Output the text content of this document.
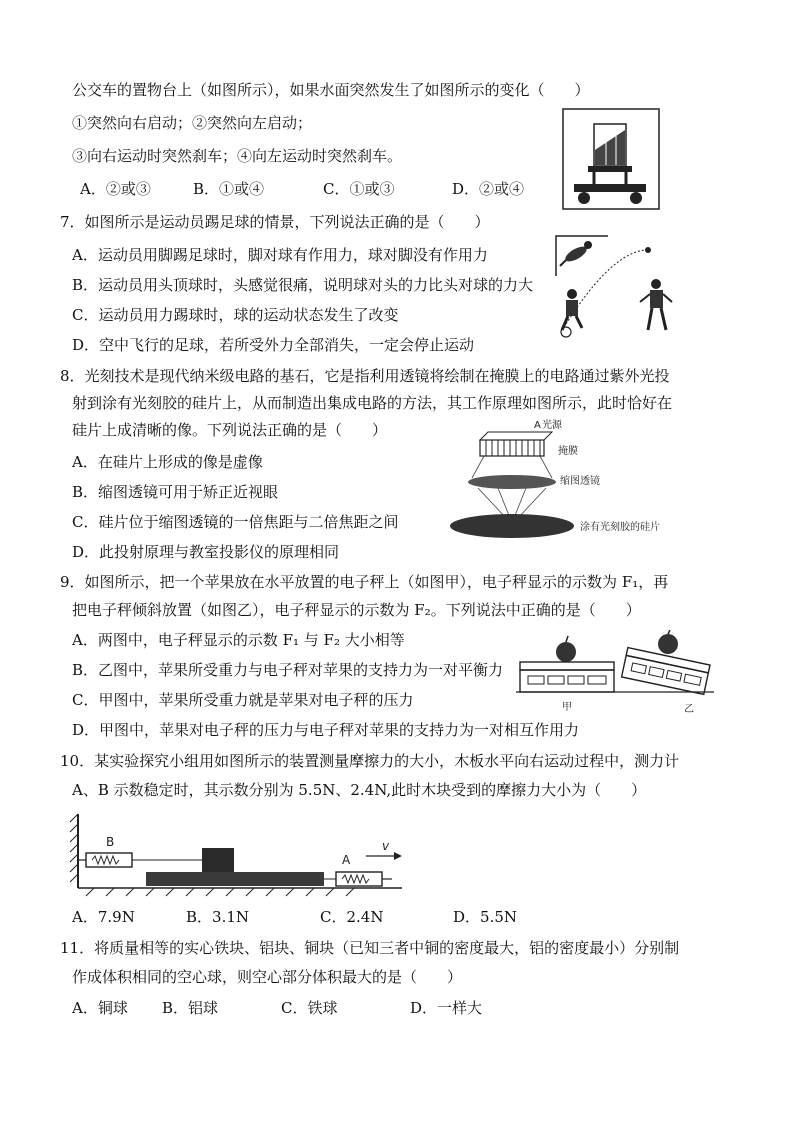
公交车的置物台上（如图所示），如果水面突然发生了如图所示的变化（　　）
①突然向右启动；②突然向左启动；
③向右运动时突然刹车；④向左运动时突然刹车。
A．②或③	B．①或④	C．①或③	D．②或④
7．如图所示是运动员踢足球的情景，下列说法正确的是（　　）
A．运动员用脚踢足球时，脚对球有作用力，球对脚没有作用力
B．运动员用头顶球时，头感觉很痛，说明球对头的力比头对球的力大
C．运动员用力踢球时，球的运动状态发生了改变
D．空中飞行的足球，若所受外力全部消失，一定会停止运动
8．光刻技术是现代纳米级电路的基石，它是指利用透镜将绘制在掩膜上的电路通过紫外光投
射到涂有光刻胶的硅片上，从而制造出集成电路的方法，其工作原理如图所示，此时恰好在
硅片上成清晰的像。下列说法正确的是（　　）
A．在硅片上形成的像是虚像
B．缩图透镜可用于矫正近视眼
C．硅片位于缩图透镜的一倍焦距与二倍焦距之间
D．此投射原理与教室投影仪的原理相同
光源
A
掩膜
缩图透镜
涂有光刻胶的硅片
9．如图所示，把一个苹果放在水平放置的电子秤上（如图甲），电子秤显示的示数为 F₁，再
把电子秤倾斜放置（如图乙），电子秤显示的示数为 F₂。下列说法中正确的是（　　）
A．两图中，电子秤显示的示数 F₁ 与 F₂ 大小相等
B．乙图中，苹果所受重力与电子秤对苹果的支持力为一对平衡力
C．甲图中，苹果所受重力就是苹果对电子秤的压力
D．甲图中，苹果对电子秤的压力与电子秤对苹果的支持力为一对相互作用力
甲	乙
10．某实验探究小组用如图所示的装置测量摩擦力的大小，木板水平向右运动过程中，测力计
A、B 示数稳定时，其示数分别为 5.5N、2.4N,此时木块受到的摩擦力大小为（　　）
B
A
v
A．7.9N	B．3.1N	C．2.4N	D．5.5N
11．将质量相等的实心铁块、铝块、铜块（已知三者中铜的密度最大，铝的密度最小）分别制
作成体积相同的空心球，则空心部分体积最大的是（　　）
A．铜球 B．铝球	C．铁球	D．一样大
